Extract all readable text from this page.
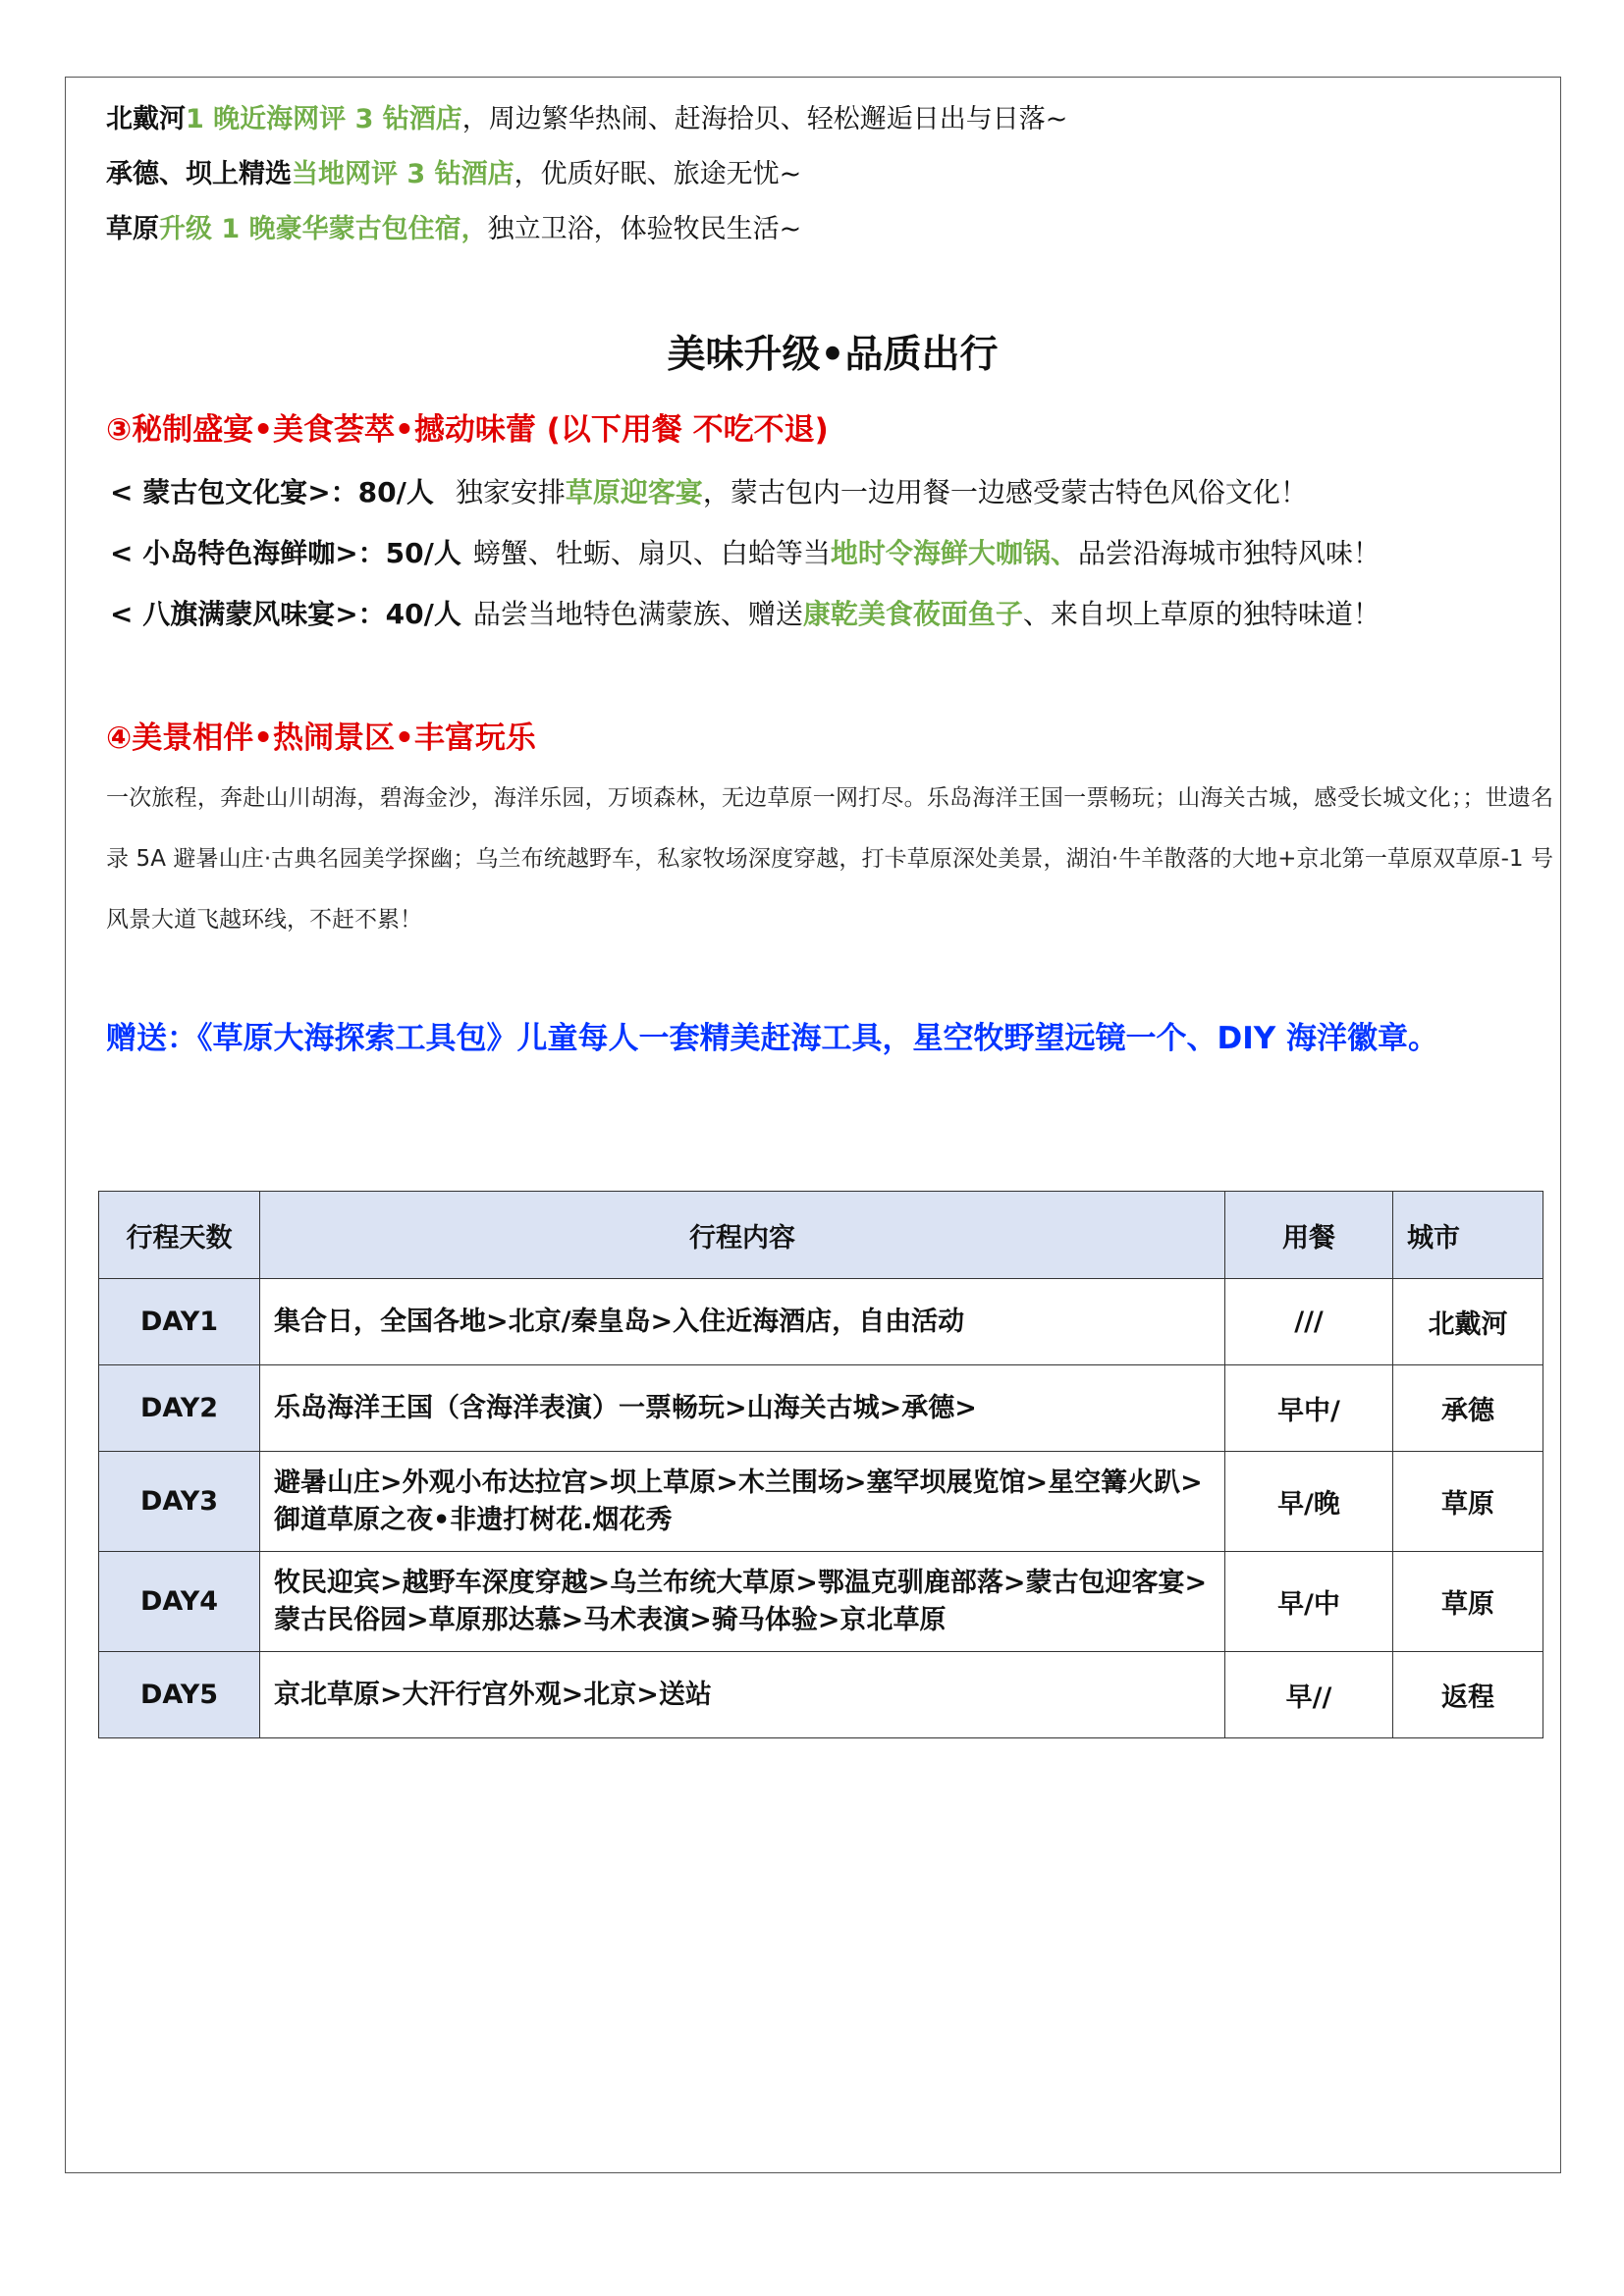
北戴河1 晚近海网评 3 钻酒店，周边繁华热闹、赶海拾贝、轻松邂逅日出与日落~
承德、坝上精选当地网评 3 钻酒店，优质好眠、旅途无忧~
草原升级 1 晚豪华蒙古包住宿，独立卫浴，体验牧民生活~
美味升级•品质出行
③秘制盛宴•美食荟萃•撼动味蕾 (以下用餐 不吃不退)
< 蒙古包文化宴>：80/人 独家安排草原迎客宴，蒙古包内一边用餐一边感受蒙古特色风俗文化！
< 小岛特色海鲜咖>：50/人 螃蟹、牡蛎、扇贝、白蛤等当地时令海鲜大咖锅、品尝沿海城市独特风味！
< 八旗满蒙风味宴>：40/人 品尝当地特色满蒙族、赠送康乾美食莜面鱼子、来自坝上草原的独特味道！
④美景相伴•热闹景区•丰富玩乐
一次旅程，奔赴山川胡海，碧海金沙，海洋乐园，万顷森林，无边草原一网打尽。乐岛海洋王国一票畅玩；山海关古城，感受长城文化；；世遗名录 5A 避暑山庄·古典名园美学探幽；乌兰布统越野车，私家牧场深度穿越，打卡草原深处美景，湖泊·牛羊散落的大地+京北第一草原双草原-1 号风景大道飞越环线，不赶不累！
赠送：《草原大海探索工具包》儿童每人一套精美赶海工具，星空牧野望远镜一个、DIY 海洋徽章。
行程天数	行程内容	用餐	城市
DAY1	集合日，全国各地>北京/秦皇岛>入住近海酒店，自由活动	///	北戴河
DAY2	乐岛海洋王国（含海洋表演）一票畅玩>山海关古城>承德>	早中/	承德
DAY3	避暑山庄>外观小布达拉宫>坝上草原>木兰围场>塞罕坝展览馆>星空篝火趴>御道草原之夜•非遗打树花.烟花秀	早/晚	草原
DAY4	牧民迎宾>越野车深度穿越>乌兰布统大草原>鄂温克驯鹿部落>蒙古包迎客宴>蒙古民俗园>草原那达慕>马术表演>骑马体验>京北草原	早/中	草原
DAY5	京北草原>大汗行宫外观>北京>送站	早//	返程
